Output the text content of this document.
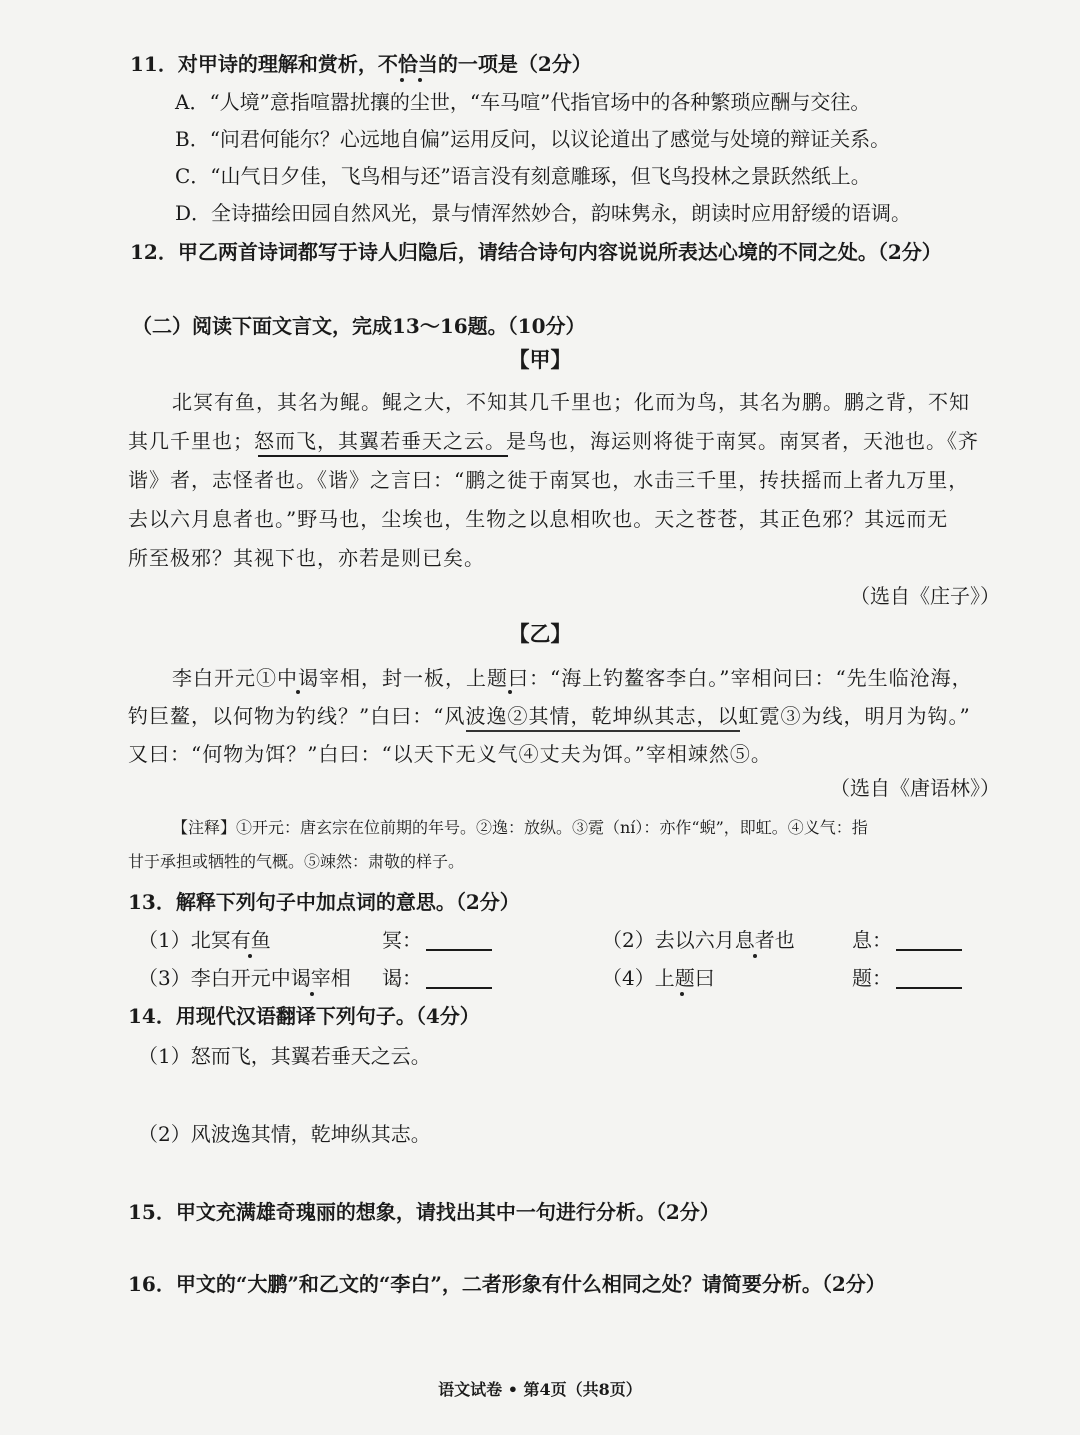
11．对甲诗的理解和赏析，不恰当的一项是（2分）
A．“人境”意指喧嚣扰攘的尘世，“车马喧”代指官场中的各种繁琐应酬与交往。
B．“问君何能尔？心远地自偏”运用反问，以议论道出了感觉与处境的辩证关系。
C．“山气日夕佳，飞鸟相与还”语言没有刻意雕琢，但飞鸟投林之景跃然纸上。
D．全诗描绘田园自然风光，景与情浑然妙合，韵味隽永，朗读时应用舒缓的语调。
12．甲乙两首诗词都写于诗人归隐后，请结合诗句内容说说所表达心境的不同之处。（2分）
（二）阅读下面文言文，完成13～16题。（10分）
【甲】
北冥有鱼，其名为鲲。鲲之大，不知其几千里也；化而为鸟，其名为鹏。鹏之背，不知
其几千里也；怒而飞，其翼若垂天之云。是鸟也，海运则将徙于南冥。南冥者，天池也。《齐
谐》者，志怪者也。《谐》之言曰：“鹏之徙于南冥也，水击三千里，抟扶摇而上者九万里，
去以六月息者也。”野马也，尘埃也，生物之以息相吹也。天之苍苍，其正色邪？其远而无
所至极邪？其视下也，亦若是则已矣。
（选自《庄子》）
【乙】
李白开元①中谒宰相，封一板，上题曰：“海上钓鳌客李白。”宰相问曰：“先生临沧海，
钓巨鳌，以何物为钓线？”白曰：“风波逸②其情，乾坤纵其志，以虹霓③为线，明月为钩。”
又曰：“何物为饵？”白曰：“以天下无义气④丈夫为饵。”宰相竦然⑤。
（选自《唐语林》）
【注释】①开元：唐玄宗在位前期的年号。②逸：放纵。③霓（ní）：亦作“蜺”，即虹。④义气：指
甘于承担或牺牲的气概。⑤竦然：肃敬的样子。
13．解释下列句子中加点词的意思。（2分）
（1）北冥有鱼	冥：	（2）去以六月息者也	息：
（3）李白开元中谒宰相 谒：	（4）上题曰	题：
14．用现代汉语翻译下列句子。（4分）
（1）怒而飞，其翼若垂天之云。
（2）风波逸其情，乾坤纵其志。
15．甲文充满雄奇瑰丽的想象，请找出其中一句进行分析。（2分）
16．甲文的“大鹏”和乙文的“李白”，二者形象有什么相同之处？请简要分析。（2分）
语文试卷 • 第4页（共8页）
